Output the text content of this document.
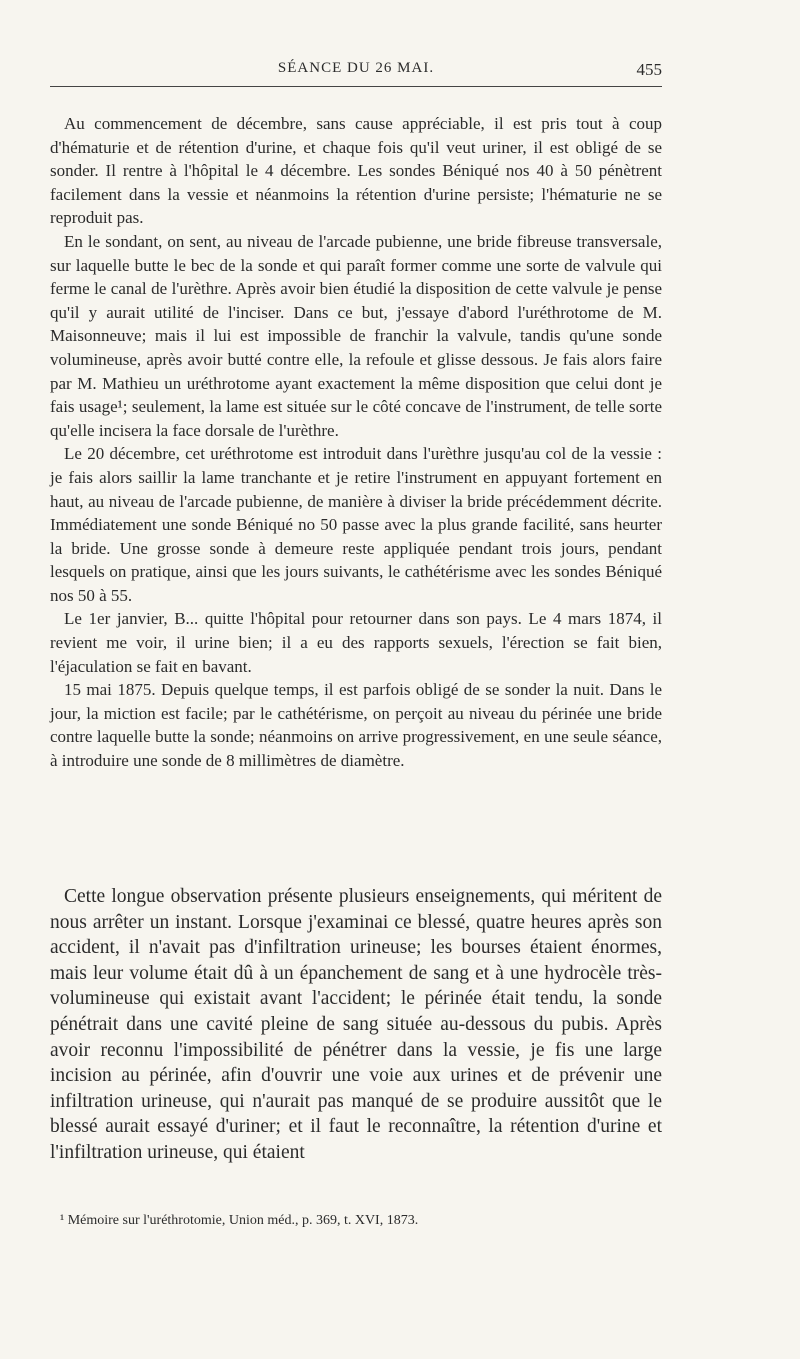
SÉANCE DU 26 MAI.	455

Au commencement de décembre, sans cause appréciable, il est pris tout à coup d'hématurie et de rétention d'urine, et chaque fois qu'il veut uriner, il est obligé de se sonder. Il rentre à l'hôpital le 4 décembre. Les sondes Béniqué nos 40 à 50 pénètrent facilement dans la vessie et néanmoins la rétention d'urine persiste; l'hématurie ne se reproduit pas.

En le sondant, on sent, au niveau de l'arcade pubienne, une bride fibreuse transversale, sur laquelle butte le bec de la sonde et qui paraît former comme une sorte de valvule qui ferme le canal de l'urèthre. Après avoir bien étudié la disposition de cette valvule je pense qu'il y aurait utilité de l'inciser. Dans ce but, j'essaye d'abord l'uréthrotome de M. Maisonneuve; mais il lui est impossible de franchir la valvule, tandis qu'une sonde volumineuse, après avoir butté contre elle, la refoule et glisse dessous. Je fais alors faire par M. Mathieu un uréthrotome ayant exactement la même disposition que celui dont je fais usage¹; seulement, la lame est située sur le côté concave de l'instrument, de telle sorte qu'elle incisera la face dorsale de l'urèthre.

Le 20 décembre, cet uréthrotome est introduit dans l'urèthre jusqu'au col de la vessie : je fais alors saillir la lame tranchante et je retire l'instrument en appuyant fortement en haut, au niveau de l'arcade pubienne, de manière à diviser la bride précédemment décrite. Immédiatement une sonde Béniqué no 50 passe avec la plus grande facilité, sans heurter la bride. Une grosse sonde à demeure reste appliquée pendant trois jours, pendant lesquels on pratique, ainsi que les jours suivants, le cathétérisme avec les sondes Béniqué nos 50 à 55.

Le 1er janvier, B... quitte l'hôpital pour retourner dans son pays. Le 4 mars 1874, il revient me voir, il urine bien; il a eu des rapports sexuels, l'érection se fait bien, l'éjaculation se fait en bavant.

15 mai 1875. Depuis quelque temps, il est parfois obligé de se sonder la nuit. Dans le jour, la miction est facile; par le cathétérisme, on perçoit au niveau du périnée une bride contre laquelle butte la sonde; néanmoins on arrive progressivement, en une seule séance, à introduire une sonde de 8 millimètres de diamètre.

Cette longue observation présente plusieurs enseignements, qui méritent de nous arrêter un instant. Lorsque j'examinai ce blessé, quatre heures après son accident, il n'avait pas d'infiltration urineuse; les bourses étaient énormes, mais leur volume était dû à un épanchement de sang et à une hydrocèle très-volumineuse qui existait avant l'accident; le périnée était tendu, la sonde pénétrait dans une cavité pleine de sang située au-dessous du pubis. Après avoir reconnu l'impossibilité de pénétrer dans la vessie, je fis une large incision au périnée, afin d'ouvrir une voie aux urines et de prévenir une infiltration urineuse, qui n'aurait pas manqué de se produire aussitôt que le blessé aurait essayé d'uriner; et il faut le reconnaître, la rétention d'urine et l'infiltration urineuse, qui étaient

¹ Mémoire sur l'uréthrotomie, Union méd., p. 369, t. XVI, 1873.
